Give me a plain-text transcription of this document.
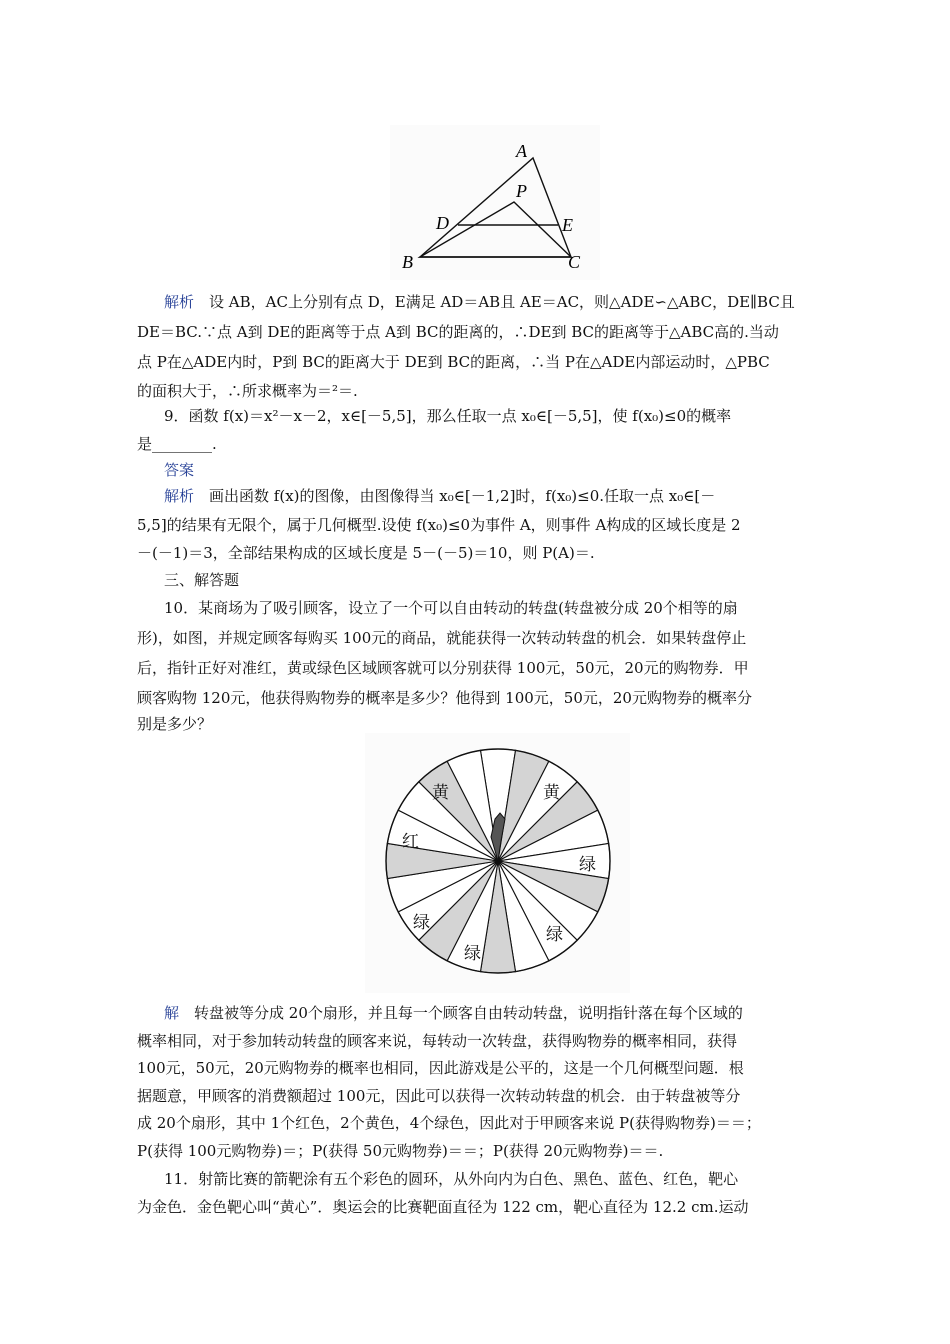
A
P
D	E
B	C
解析　 设 AB，AC上分别有点 D，E满足 AD＝AB且 AE＝AC，则△ADE∽△ABC，DE∥BC且
DE＝BC.∵点 A到 DE的距离等于点 A到 BC的距离的，∴DE到 BC的距离等于△ABC高的.当动
点 P在△ADE内时，P到 BC的距离大于 DE到 BC的距离，∴当 P在△ADE内部运动时，△PBC
的面积大于，∴所求概率为＝²＝.
9．函数 f(x)＝x²－x－2，x∈[－5,5]，那么任取一点 x₀∈[－5,5]，使 f(x₀)≤0的概率
是________.
答案
解析　 画出函数 f(x)的图像，由图像得当 x₀∈[－1,2]时，f(x₀)≤0.任取一点 x₀∈[－
5,5]的结果有无限个，属于几何概型.设使 f(x₀)≤0为事件 A，则事件 A构成的区域长度是 2
－(－1)＝3，全部结果构成的区域长度是 5－(－5)＝10，则 P(A)＝.
三、解答题
10．某商场为了吸引顾客，设立了一个可以自由转动的转盘(转盘被分成 20个相等的扇
形)，如图，并规定顾客每购买 100元的商品，就能获得一次转动转盘的机会．如果转盘停止
后，指针正好对准红，黄或绿色区域顾客就可以分别获得 100元，50元，20元的购物券．甲
顾客购物 120元，他获得购物券的概率是多少？他得到 100元，50元，20元购物券的概率分
别是多少？
黄	黄
红
绿
绿
绿
绿
解　 转盘被等分成 20个扇形，并且每一个顾客自由转动转盘，说明指针落在每个区域的
概率相同，对于参加转动转盘的顾客来说，每转动一次转盘，获得购物券的概率相同，获得
100元，50元，20元购物券的概率也相同，因此游戏是公平的，这是一个几何概型问题．根
据题意，甲顾客的消费额超过 100元，因此可以获得一次转动转盘的机会．由于转盘被等分
成 20个扇形，其中 1个红色，2个黄色，4个绿色，因此对于甲顾客来说 P(获得购物券)＝＝；
P(获得 100元购物券)＝；P(获得 50元购物券)＝＝；P(获得 20元购物券)＝＝.
11．射箭比赛的箭靶涂有五个彩色的圆环，从外向内为白色、黑色、蓝色、红色，靶心
为金色．金色靶心叫“黄心”．奥运会的比赛靶面直径为 122 cm，靶心直径为 12.2 cm.运动
